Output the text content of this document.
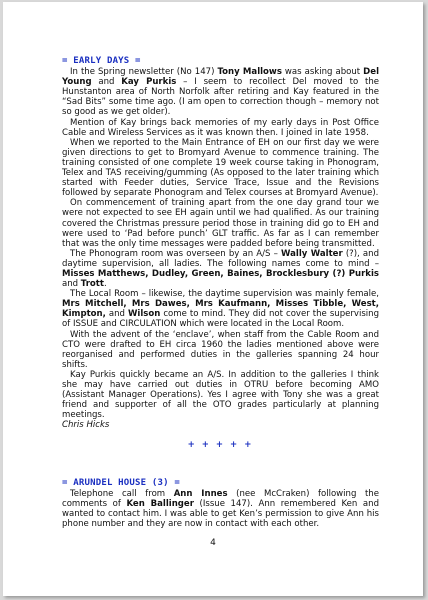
= EARLY DAYS =

In the Spring newsletter (No 147) Tony Mallows was asking about Del Young and Kay Purkis – I seem to recollect Del moved to the Hunstanton area of North Norfolk after retiring and Kay featured in the “Sad Bits” some time ago. (I am open to correction though – memory not so good as we get older).

Mention of Kay brings back memories of my early days in Post Office Cable and Wireless Services as it was known then. I joined in late 1958.

When we reported to the Main Entrance of EH on our first day we were given directions to get to Bromyard Avenue to commence training. The training consisted of one complete 19 week course taking in Phonogram, Telex and TAS receiving/gumming (As opposed to the later training which started with Feeder duties, Service Trace, Issue and the Revisions followed by separate Phonogram and Telex courses at Bromyard Avenue).

On commencement of training apart from the one day grand tour we were not expected to see EH again until we had qualified. As our training covered the Christmas pressure period those in training did go to EH and were used to ‘Pad before punch’ GLT traffic. As far as I can remember that was the only time messages were padded before being transmitted.

The Phonogram room was overseen by an A/S – Wally Walter (?), and daytime supervision, all ladies. The following names come to mind – Misses Matthews, Dudley, Green, Baines, Brocklesbury (?) Purkis and Trott.

The Local Room – likewise, the daytime supervision was mainly female, Mrs Mitchell, Mrs Dawes, Mrs Kaufmann, Misses Tibble, West, Kimpton, and Wilson come to mind. They did not cover the supervising of ISSUE and CIRCULATION which were located in the Local Room.

With the advent of the ‘enclave’, when staff from the Cable Room and CTO were drafted to EH circa 1960 the ladies mentioned above were reorganised and performed duties in the galleries spanning 24 hour shifts.

Kay Purkis quickly became an A/S. In addition to the galleries I think she may have carried out duties in OTRU before becoming AMO (Assistant Manager Operations). Yes I agree with Tony she was a great friend and supporter of all the OTO grades particularly at planning meetings.

Chris Hicks

+ + + + +

= ARUNDEL HOUSE (3) =

Telephone call from Ann Innes (nee McCraken) following the comments of Ken Ballinger (Issue 147). Ann remembered Ken and wanted to contact him. I was able to get Ken’s permission to give Ann his phone number and they are now in contact with each other.

4
